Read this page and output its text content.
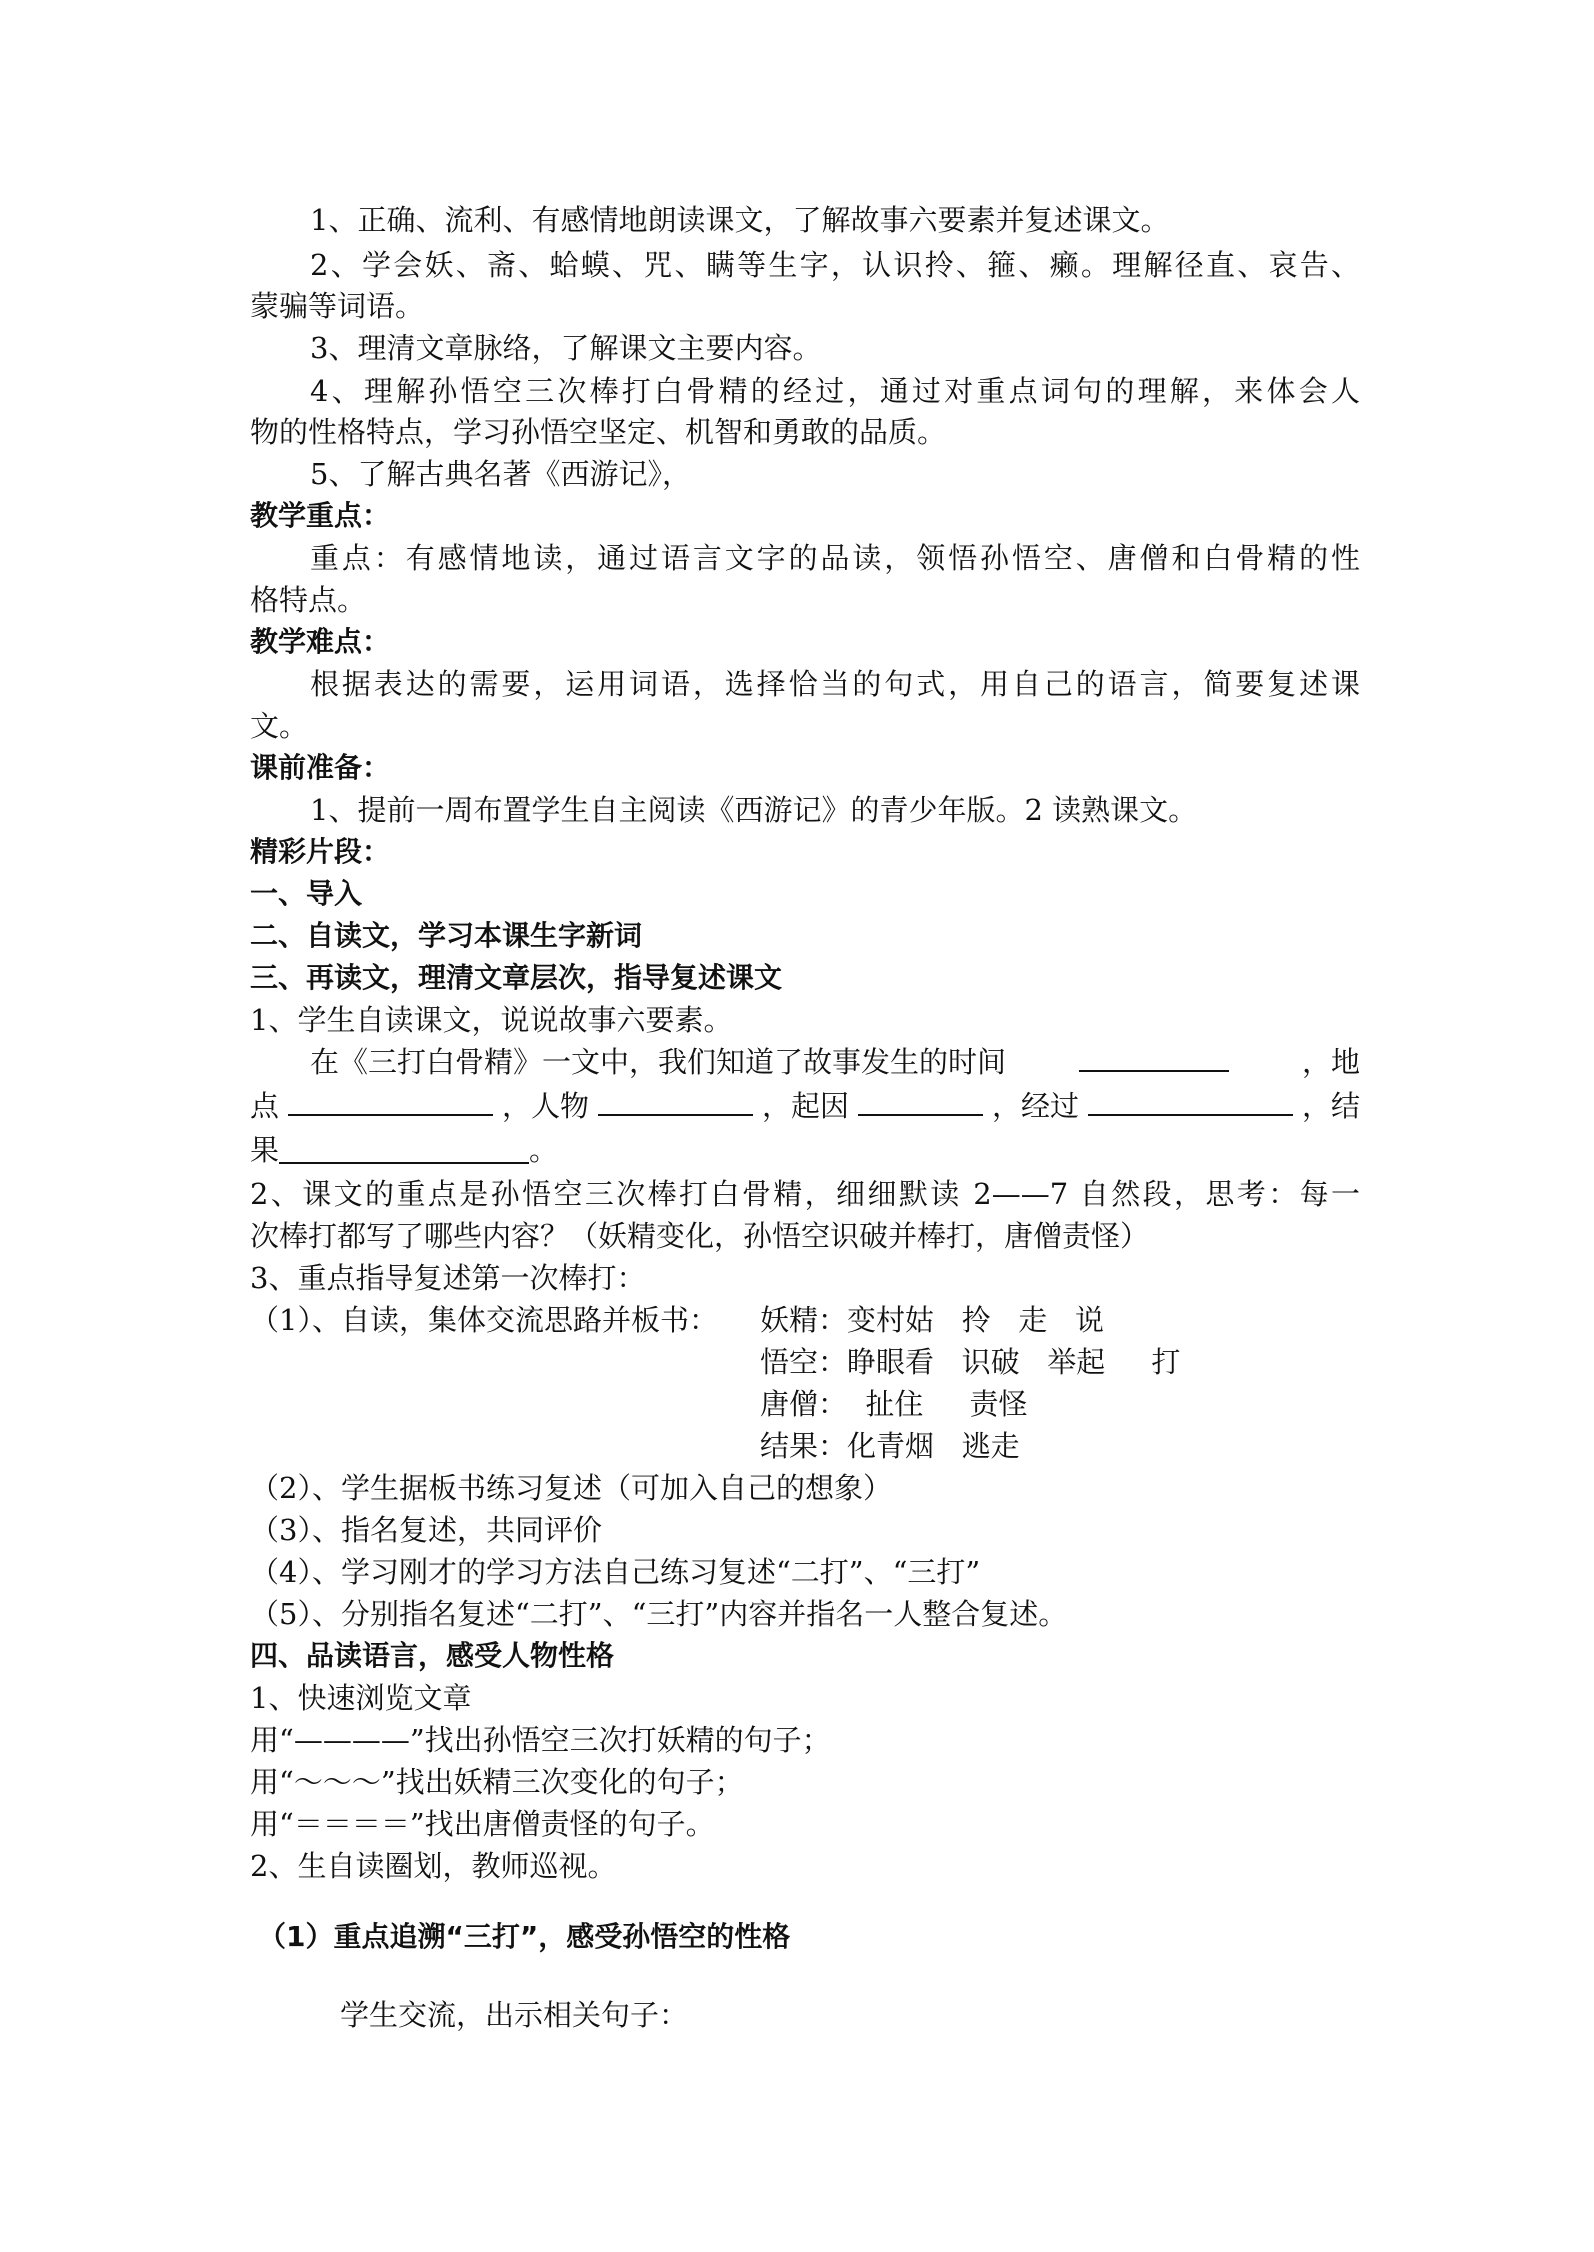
1、正确、流利、有感情地朗读课文，了解故事六要素并复述课文。
2、学会妖、斋、蛤蟆、咒、瞒等生字，认识拎、箍、癞。理解径直、哀告、
蒙骗等词语。
3、理清文章脉络，了解课文主要内容。
4、理解孙悟空三次棒打白骨精的经过，通过对重点词句的理解，来体会人
物的性格特点，学习孙悟空坚定、机智和勇敢的品质。
5、了解古典名著《西游记》，
教学重点：
重点：有感情地读，通过语言文字的品读，领悟孙悟空、唐僧和白骨精的性
格特点。
教学难点：
根据表达的需要，运用词语，选择恰当的句式，用自己的语言，简要复述课
文。
课前准备：
1、提前一周布置学生自主阅读《西游记》的青少年版。2 读熟课文。
精彩片段：
一、导入
二、自读文，学习本课生字新词
三、再读文，理清文章层次，指导复述课文
1、学生自读课文，说说故事六要素。
在《三打白骨精》一文中，我们知道了故事发生的时间	，地
点	，人物	，起因	，经过	，结
果	。
2、课文的重点是孙悟空三次棒打白骨精，细细默读 2——7 自然段，思考：每一
次棒打都写了哪些内容？（妖精变化，孙悟空识破并棒打，唐僧责怪）
3、重点指导复述第一次棒打：
（1）、自读，集体交流思路并板书：	妖精：变村姑   拎   走   说
悟空：睁眼看   识破   举起     打
唐僧：  扯住     责怪
结果：化青烟   逃走
（2）、学生据板书练习复述（可加入自己的想象）
（3）、指名复述，共同评价
（4）、学习刚才的学习方法自己练习复述“二打”、“三打”
（5）、分别指名复述“二打”、“三打”内容并指名一人整合复述。
四、品读语言，感受人物性格
1、快速浏览文章
用“————”找出孙悟空三次打妖精的句子；
用“～～～”找出妖精三次变化的句子；
用“＝＝＝＝”找出唐僧责怪的句子。
2、生自读圈划，教师巡视。
（1）重点追溯“三打”，感受孙悟空的性格
学生交流，出示相关句子：
